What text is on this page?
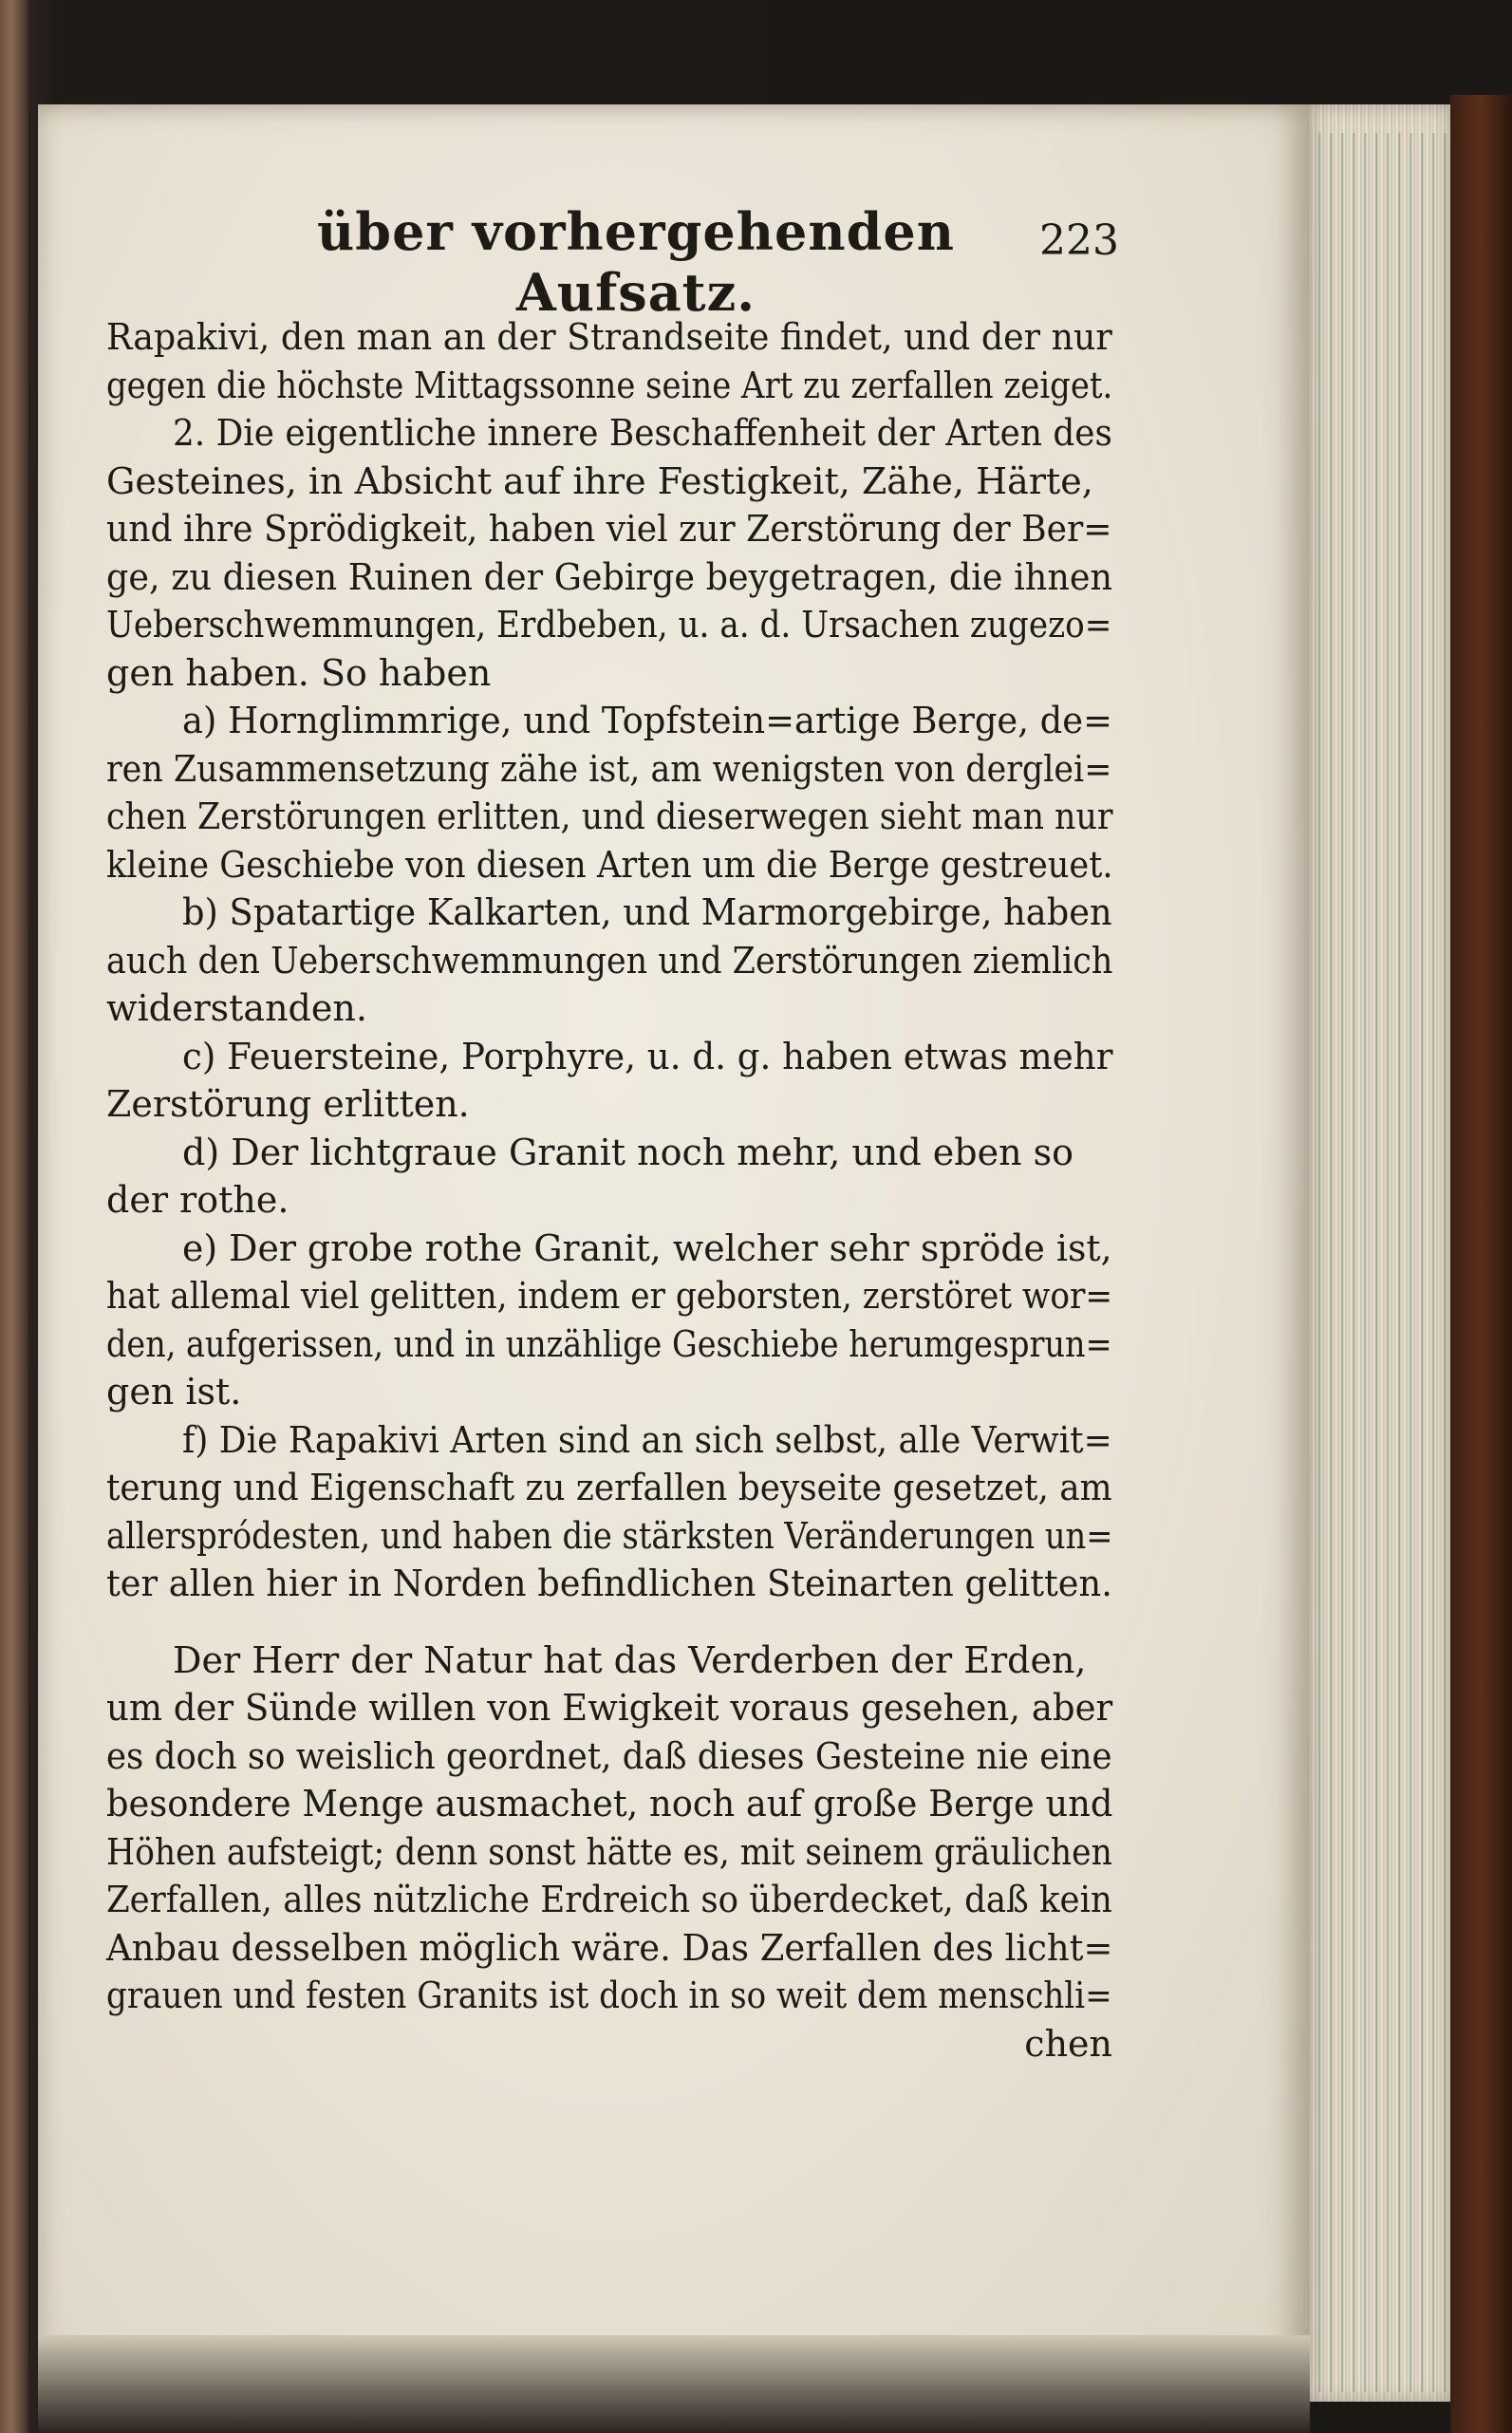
über vorhergehenden Aufsatz.
223
Rapakivi, den man an der Strandseite findet, und der nur
gegen die höchste Mittagssonne seine Art zu zerfallen zeiget.
2. Die eigentliche innere Beschaffenheit der Arten des
Gesteines, in Absicht auf ihre Festigkeit, Zähe, Härte,
und ihre Sprödigkeit, haben viel zur Zerstörung der Ber=
ge, zu diesen Ruinen der Gebirge beygetragen, die ihnen
Ueberschwemmungen, Erdbeben, u. a. d. Ursachen zugezo=
gen haben. So haben
a) Hornglimmrige, und Topfstein=artige Berge, de=
ren Zusammensetzung zähe ist, am wenigsten von derglei=
chen Zerstörungen erlitten, und dieserwegen sieht man nur
kleine Geschiebe von diesen Arten um die Berge gestreuet.
b) Spatartige Kalkarten, und Marmorgebirge, haben
auch den Ueberschwemmungen und Zerstörungen ziemlich
widerstanden.
c) Feuersteine, Porphyre, u. d. g. haben etwas mehr
Zerstörung erlitten.
d) Der lichtgraue Granit noch mehr, und eben so
der rothe.
e) Der grobe rothe Granit, welcher sehr spröde ist,
hat allemal viel gelitten, indem er geborsten, zerstöret wor=
den, aufgerissen, und in unzählige Geschiebe herumgesprun=
gen ist.
f) Die Rapakivi Arten sind an sich selbst, alle Verwit=
terung und Eigenschaft zu zerfallen beyseite gesetzet, am
allerspródesten, und haben die stärksten Veränderungen un=
ter allen hier in Norden befindlichen Steinarten gelitten.
Der Herr der Natur hat das Verderben der Erden,
um der Sünde willen von Ewigkeit voraus gesehen, aber
es doch so weislich geordnet, daß dieses Gesteine nie eine
besondere Menge ausmachet, noch auf große Berge und
Höhen aufsteigt; denn sonst hätte es, mit seinem gräulichen
Zerfallen, alles nützliche Erdreich so überdecket, daß kein
Anbau desselben möglich wäre. Das Zerfallen des licht=
grauen und festen Granits ist doch in so weit dem menschli=
chen
